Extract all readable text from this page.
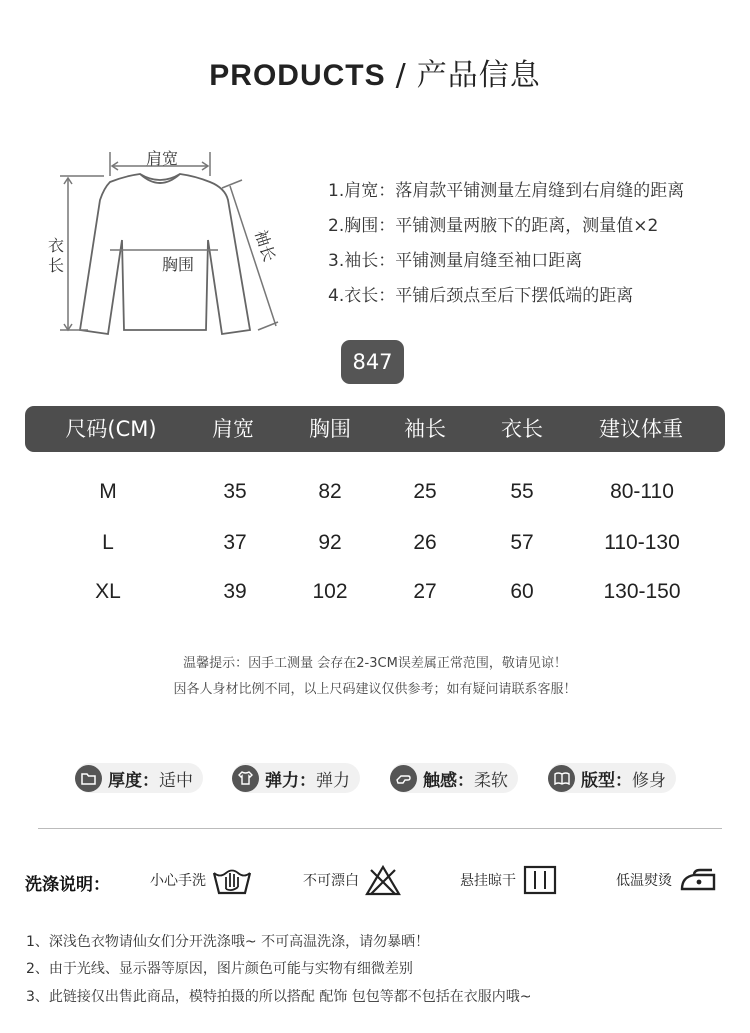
PRODUCTS / 产品信息
肩宽
胸围
衣长
袖长
1.肩宽：落肩款平铺测量左肩缝到右肩缝的距离
2.胸围：平铺测量两腋下的距离，测量值×2
3.袖长：平铺测量肩缝至袖口距离
4.衣长：平铺后颈点至后下摆低端的距离
847
尺码(CM)	肩宽	胸围	袖长	衣长	建议体重
M	35	82	25	55	80-110
L	37	92	26	57	110-130
XL	39	102	27	60	130-150
温馨提示：因手工测量 会存在2-3CM误差属正常范围，敬请见谅！
因各人身材比例不同，以上尺码建议仅供参考；如有疑问请联系客服！
厚度： 适中	弹力： 弹力	触感： 柔软	版型： 修身
洗涤说明：	小心手洗	不可漂白	悬挂晾干	低温熨烫
1、深浅色衣物请仙女们分开洗涤哦~ 不可高温洗涤，请勿暴晒！
2、由于光线、显示器等原因，图片颜色可能与实物有细微差别
3、此链接仅出售此商品，模特拍摄的所以搭配 配饰 包包等都不包括在衣服内哦~
